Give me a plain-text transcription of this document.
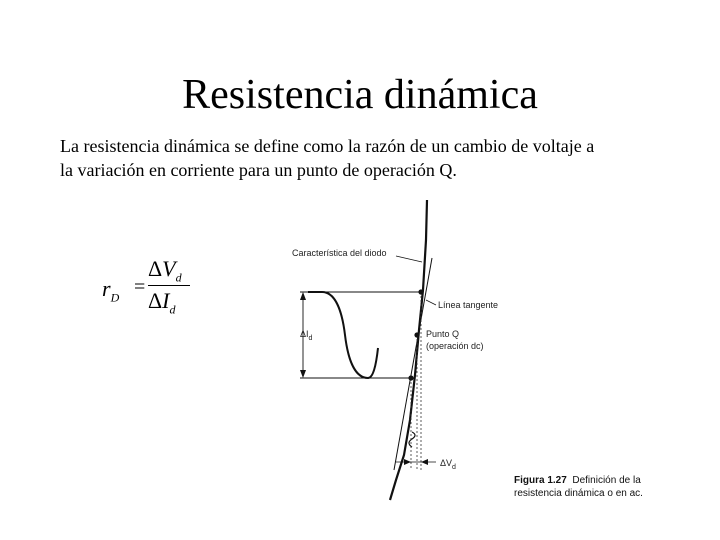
Resistencia dinámica
La resistencia dinámica se define como la razón de un cambio de voltaje a
la variación en corriente para un punto de operación Q.
$r_D$ =
$\Delta V_d$
$\Delta I_d$
Característica del diodo
Línea tangente
Punto Q
(operación dc)
$\Delta I_d$
$\Delta V_d$
Figura 1.27 Definición de la
resistencia dinámica o en ac.
